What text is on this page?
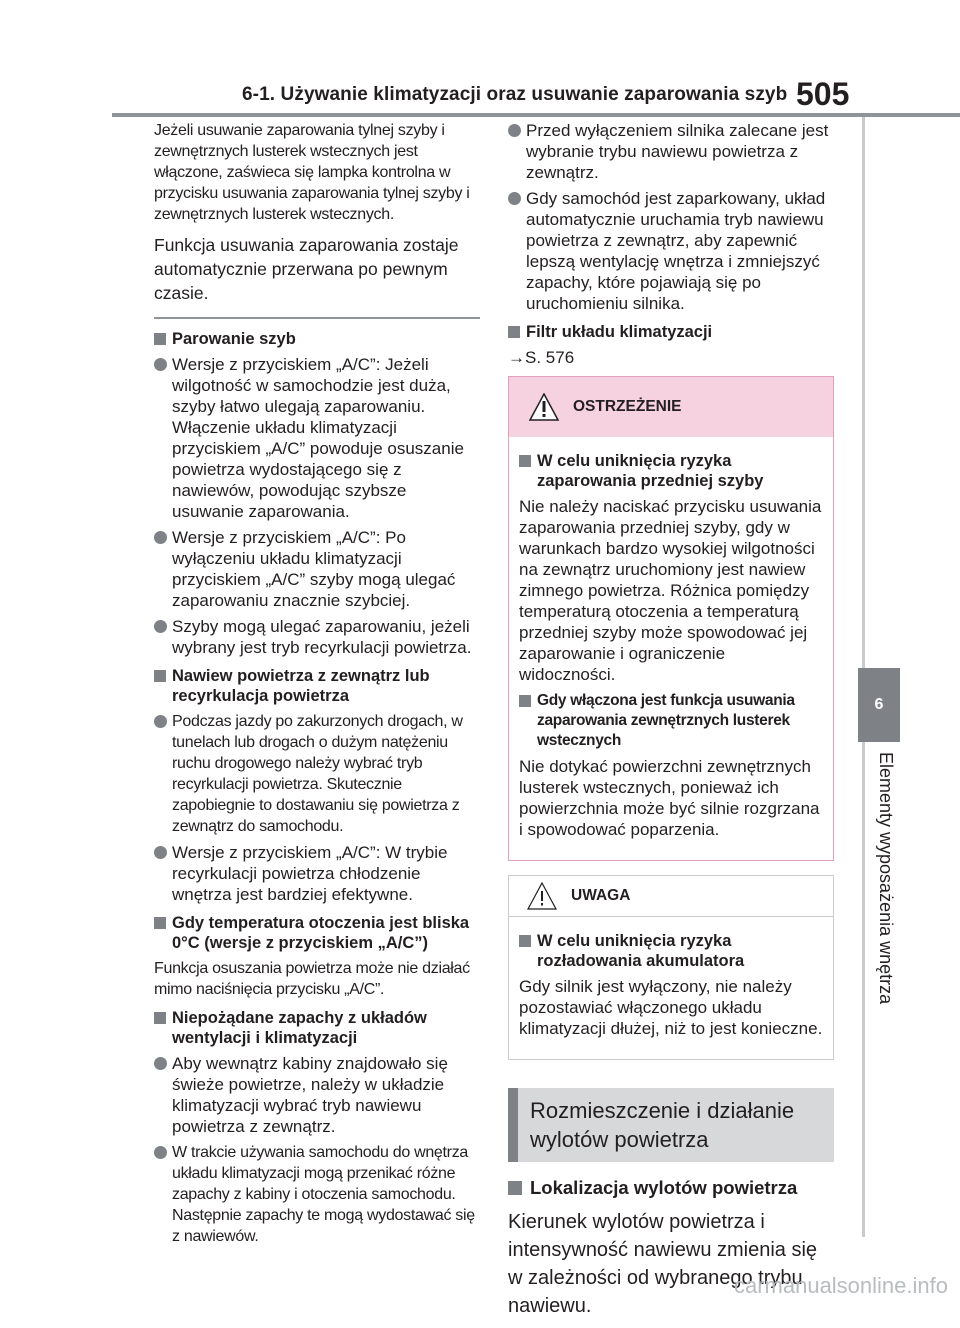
6-1. Używanie klimatyzacji oraz usuwanie zaparowania szyb 505
6
Elementy wyposażenia wnętrza

Jeżeli usuwanie zaparowania tylnej szyby i zewnętrznych lusterek wstecznych jest włączone, zaświeca się lampka kontrolna w przycisku usuwania zaparowania tylnej szyby i zewnętrznych lusterek wstecznych.

Funkcja usuwania zaparowania zostaje automatycznie przerwana po pewnym czasie.

Parowanie szyb
Wersje z przyciskiem „A/C”: Jeżeli wilgotność w samochodzie jest duża, szyby łatwo ulegają zaparowaniu. Włączenie układu klimatyzacji przyciskiem „A/C” powoduje osuszanie powietrza wydostającego się z nawiewów, powodując szybsze usuwanie zaparowania.
Wersje z przyciskiem „A/C”: Po wyłączeniu układu klimatyzacji przyciskiem „A/C” szyby mogą ulegać zaparowaniu znacznie szybciej.
Szyby mogą ulegać zaparowaniu, jeżeli wybrany jest tryb recyrkulacji powietrza.
Nawiew powietrza z zewnątrz lub recyrkulacja powietrza
Podczas jazdy po zakurzonych drogach, w tunelach lub drogach o dużym natężeniu ruchu drogowego należy wybrać tryb recyrkulacji powietrza. Skutecznie zapobiegnie to dostawaniu się powietrza z zewnątrz do samochodu.
Wersje z przyciskiem „A/C”: W trybie recyrkulacji powietrza chłodzenie wnętrza jest bardziej efektywne.
Gdy temperatura otoczenia jest bliska 0°C (wersje z przyciskiem „A/C”)

Funkcja osuszania powietrza może nie działać mimo naciśnięcia przycisku „A/C”.

Niepożądane zapachy z układów wentylacji i klimatyzacji
Aby wewnątrz kabiny znajdowało się świeże powietrze, należy w układzie klimatyzacji wybrać tryb nawiewu powietrza z zewnątrz.
W trakcie używania samochodu do wnętrza układu klimatyzacji mogą przenikać różne zapachy z kabiny i otoczenia samochodu. Następnie zapachy te mogą wydostawać się z nawiewów.
Przed wyłączeniem silnika zalecane jest wybranie trybu nawiewu powietrza z zewnątrz.
Gdy samochód jest zaparkowany, układ automatycznie uruchamia tryb nawiewu powietrza z zewnątrz, aby zapewnić lepszą wentylację wnętrza i zmniejszyć zapachy, które pojawiają się po uruchomieniu silnika.
Filtr układu klimatyzacji

→S. 576

OSTRZEŻENIE
W celu uniknięcia ryzyka zaparowania przedniej szyby

Nie należy naciskać przycisku usuwania zaparowania przedniej szyby, gdy w warunkach bardzo wysokiej wilgotności na zewnątrz uruchomiony jest nawiew zimnego powietrza. Różnica pomiędzy temperaturą otoczenia a temperaturą przedniej szyby może spowodować jej zaparowanie i ograniczenie widoczności.

Gdy włączona jest funkcja usuwania zaparowania zewnętrznych lusterek wstecznych

Nie dotykać powierzchni zewnętrznych lusterek wstecznych, ponieważ ich powierzchnia może być silnie rozgrzana i spowodować poparzenia.

UWAGA
W celu uniknięcia ryzyka rozładowania akumulatora

Gdy silnik jest wyłączony, nie należy pozostawiać włączonego układu klimatyzacji dłużej, niż to jest konieczne.

Rozmieszczenie i działanie wylotów powietrza
Lokalizacja wylotów powietrza

Kierunek wylotów powietrza i intensywność nawiewu zmienia się w zależności od wybranego trybu nawiewu.

carmanualsonline.info
